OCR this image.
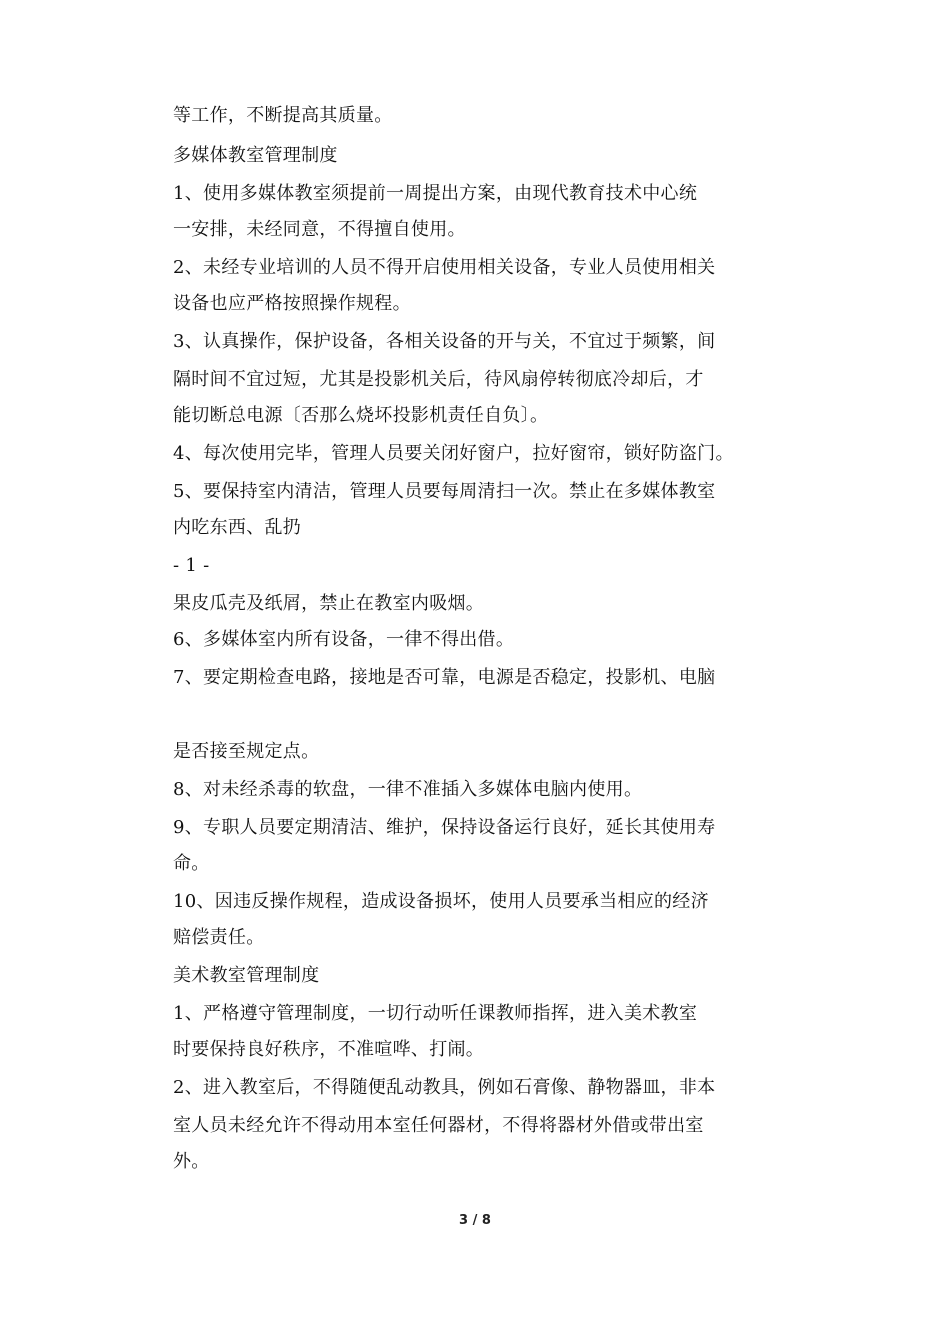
等工作，不断提高其质量。
多媒体教室管理制度
1、使用多媒体教室须提前一周提出方案，由现代教育技术中心统
一安排，未经同意，不得擅自使用。
2、未经专业培训的人员不得开启使用相关设备，专业人员使用相关
设备也应严格按照操作规程。
3、认真操作，保护设备，各相关设备的开与关，不宜过于频繁，间
隔时间不宜过短，尤其是投影机关后，待风扇停转彻底冷却后，才
能切断总电源〔否那么烧坏投影机责任自负〕。
4、每次使用完毕，管理人员要关闭好窗户，拉好窗帘，锁好防盗门。
5、要保持室内清洁，管理人员要每周清扫一次。禁止在多媒体教室
内吃东西、乱扔
- 1 -
果皮瓜壳及纸屑，禁止在教室内吸烟。
6、多媒体室内所有设备，一律不得出借。
7、要定期检查电路，接地是否可靠，电源是否稳定，投影机、电脑
是否接至规定点。
8、对未经杀毒的软盘，一律不准插入多媒体电脑内使用。
9、专职人员要定期清洁、维护，保持设备运行良好，延长其使用寿
命。
10、因违反操作规程，造成设备损坏，使用人员要承当相应的经济
赔偿责任。
美术教室管理制度
1、严格遵守管理制度，一切行动听任课教师指挥，进入美术教室
时要保持良好秩序，不准喧哗、打闹。
2、进入教室后，不得随便乱动教具，例如石膏像、静物器皿，非本
室人员未经允许不得动用本室任何器材，不得将器材外借或带出室
外。
3 / 8
